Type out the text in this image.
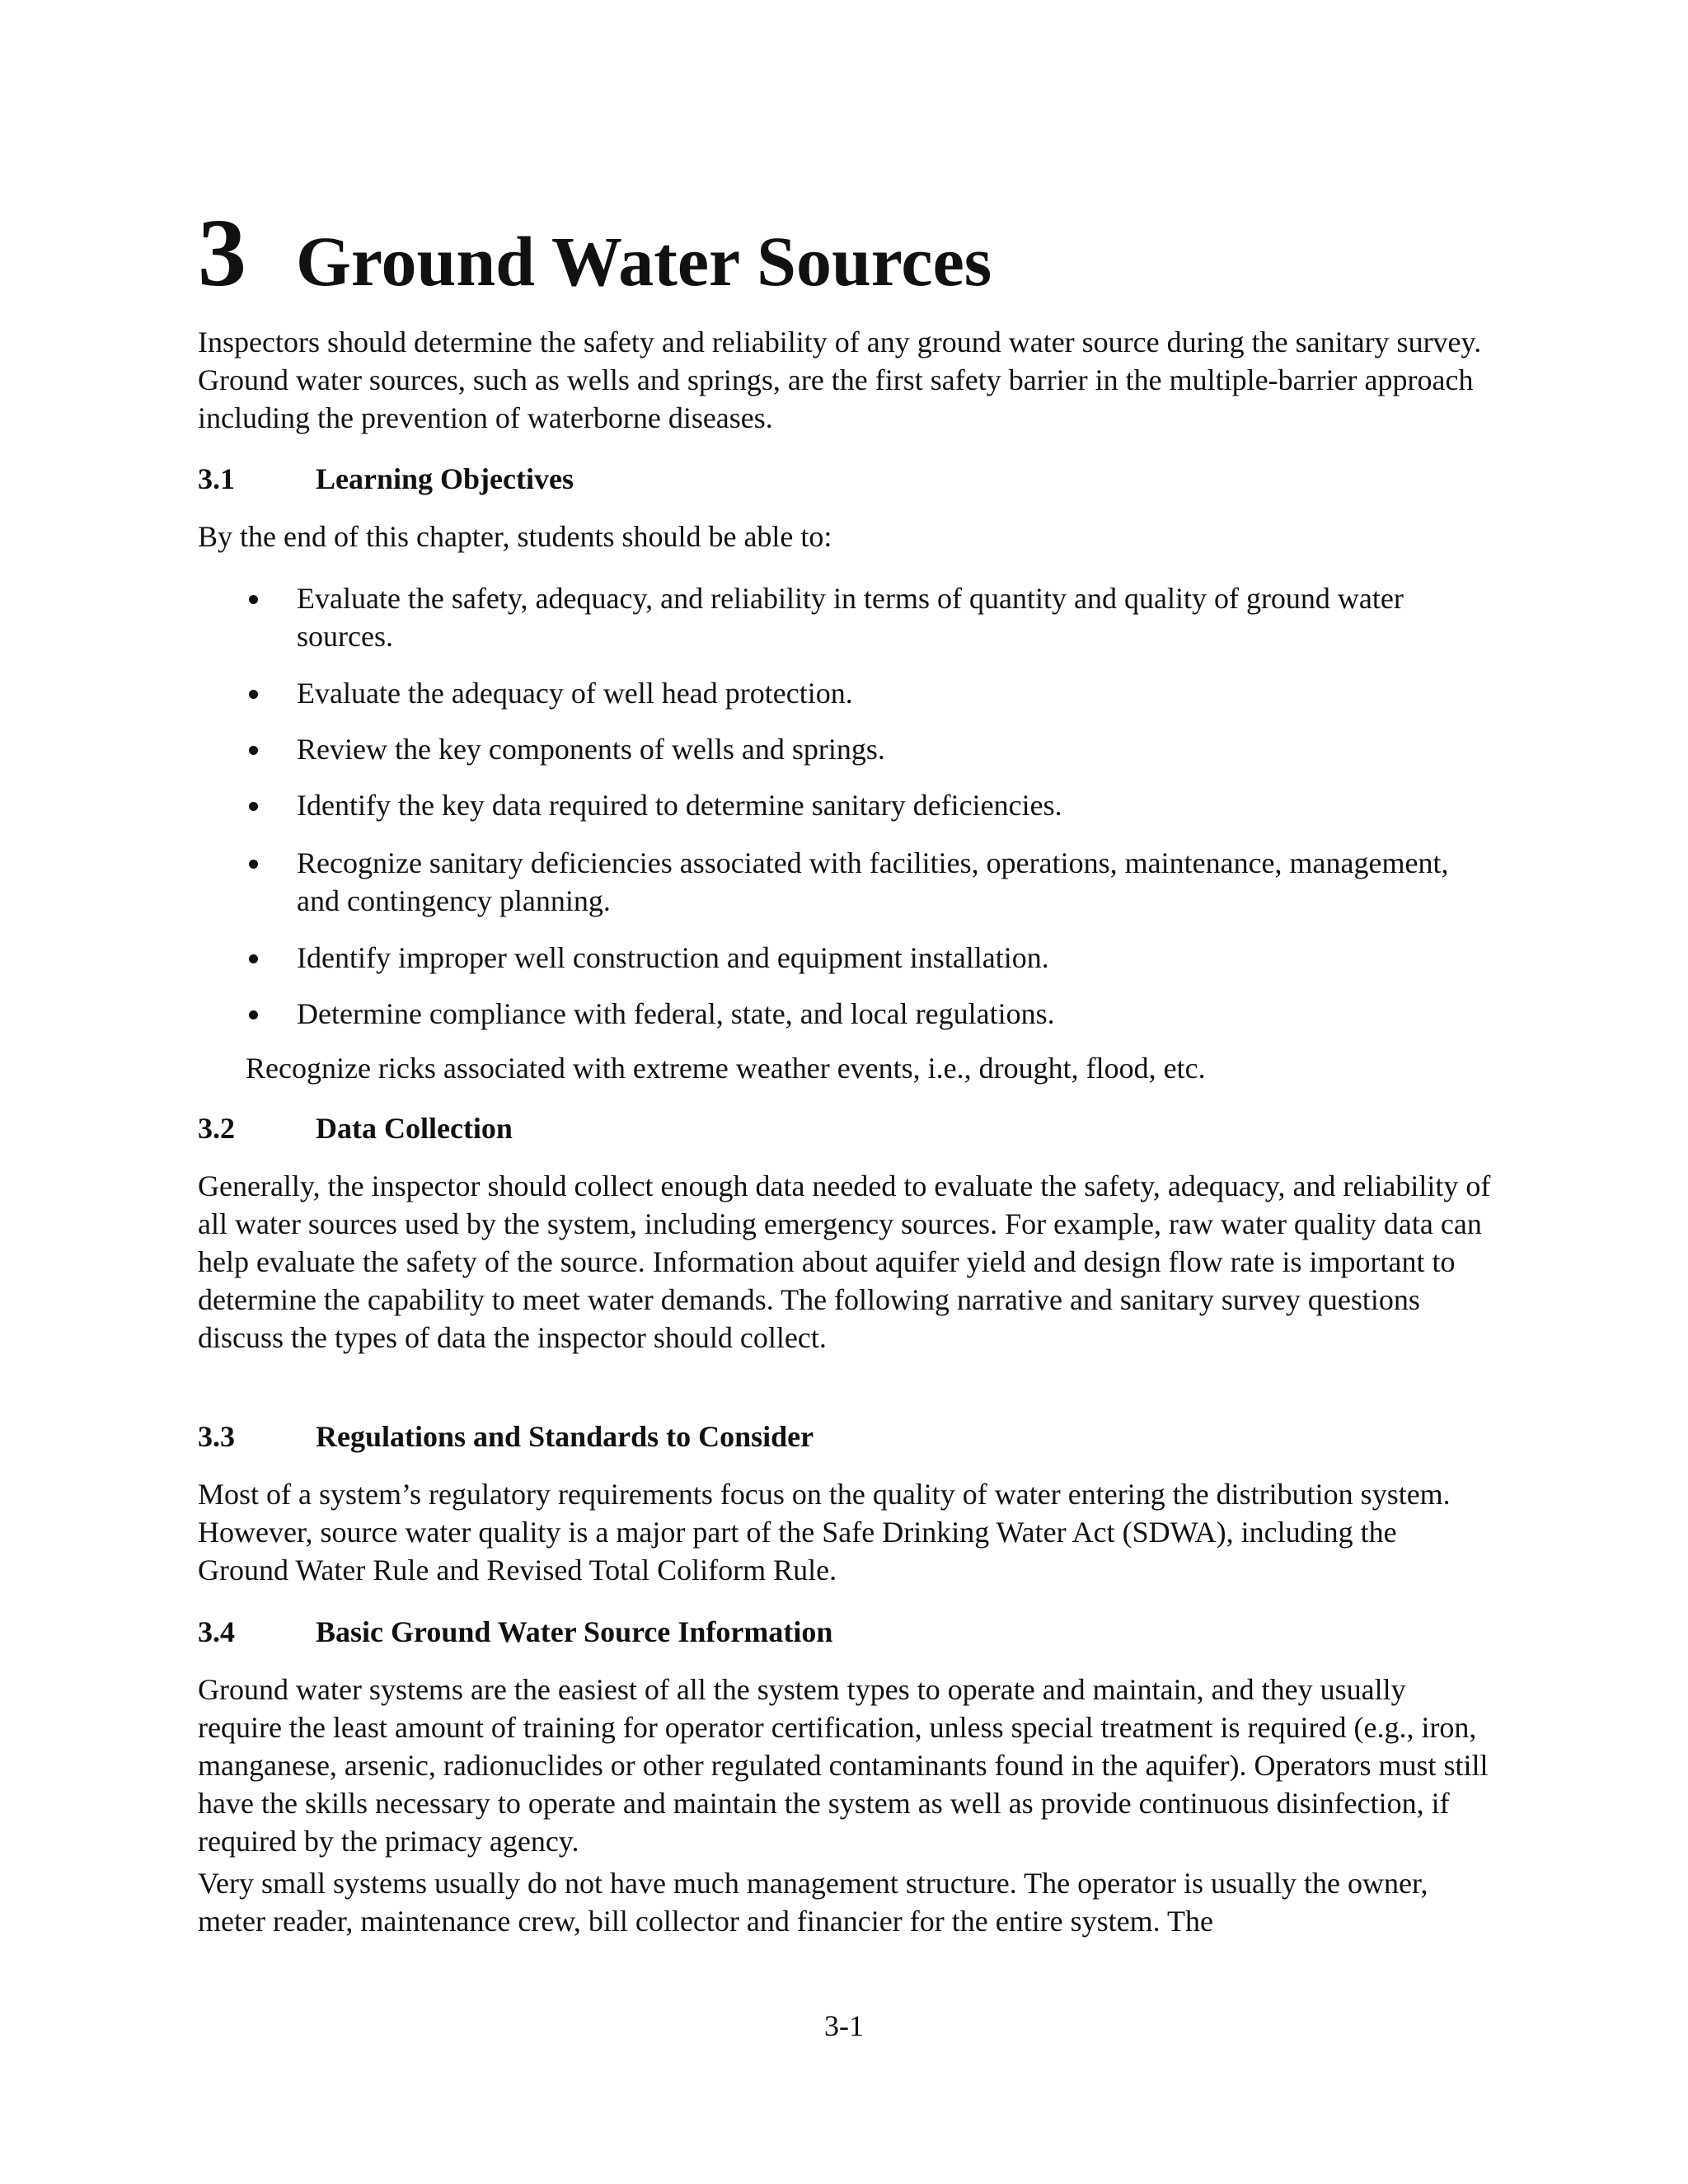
3 Ground Water Sources

Inspectors should determine the safety and reliability of any ground water source during the sanitary survey. Ground water sources, such as wells and springs, are the first safety barrier in the multiple-barrier approach including the prevention of waterborne diseases.

3.1	Learning Objectives

By the end of this chapter, students should be able to:

Evaluate the safety, adequacy, and reliability in terms of quantity and quality of ground water sources.
Evaluate the adequacy of well head protection.
Review the key components of wells and springs.
Identify the key data required to determine sanitary deficiencies.
Recognize sanitary deficiencies associated with facilities, operations, maintenance, management, and contingency planning.
Identify improper well construction and equipment installation.
Determine compliance with federal, state, and local regulations.

Recognize ricks associated with extreme weather events, i.e., drought, flood, etc.

3.2	Data Collection

Generally, the inspector should collect enough data needed to evaluate the safety, adequacy, and reliability of all water sources used by the system, including emergency sources. For example, raw water quality data can help evaluate the safety of the source. Information about aquifer yield and design flow rate is important to determine the capability to meet water demands. The following narrative and sanitary survey questions discuss the types of data the inspector should collect.

3.3	Regulations and Standards to Consider

Most of a system’s regulatory requirements focus on the quality of water entering the distribution system. However, source water quality is a major part of the Safe Drinking Water Act (SDWA), including the Ground Water Rule and Revised Total Coliform Rule.

3.4	Basic Ground Water Source Information

Ground water systems are the easiest of all the system types to operate and maintain, and they usually require the least amount of training for operator certification, unless special treatment is required (e.g., iron, manganese, arsenic, radionuclides or other regulated contaminants found in the aquifer). Operators must still have the skills necessary to operate and maintain the system as well as provide continuous disinfection, if required by the primacy agency.

Very small systems usually do not have much management structure. The operator is usually the owner, meter reader, maintenance crew, bill collector and financier for the entire system. The

3-1
